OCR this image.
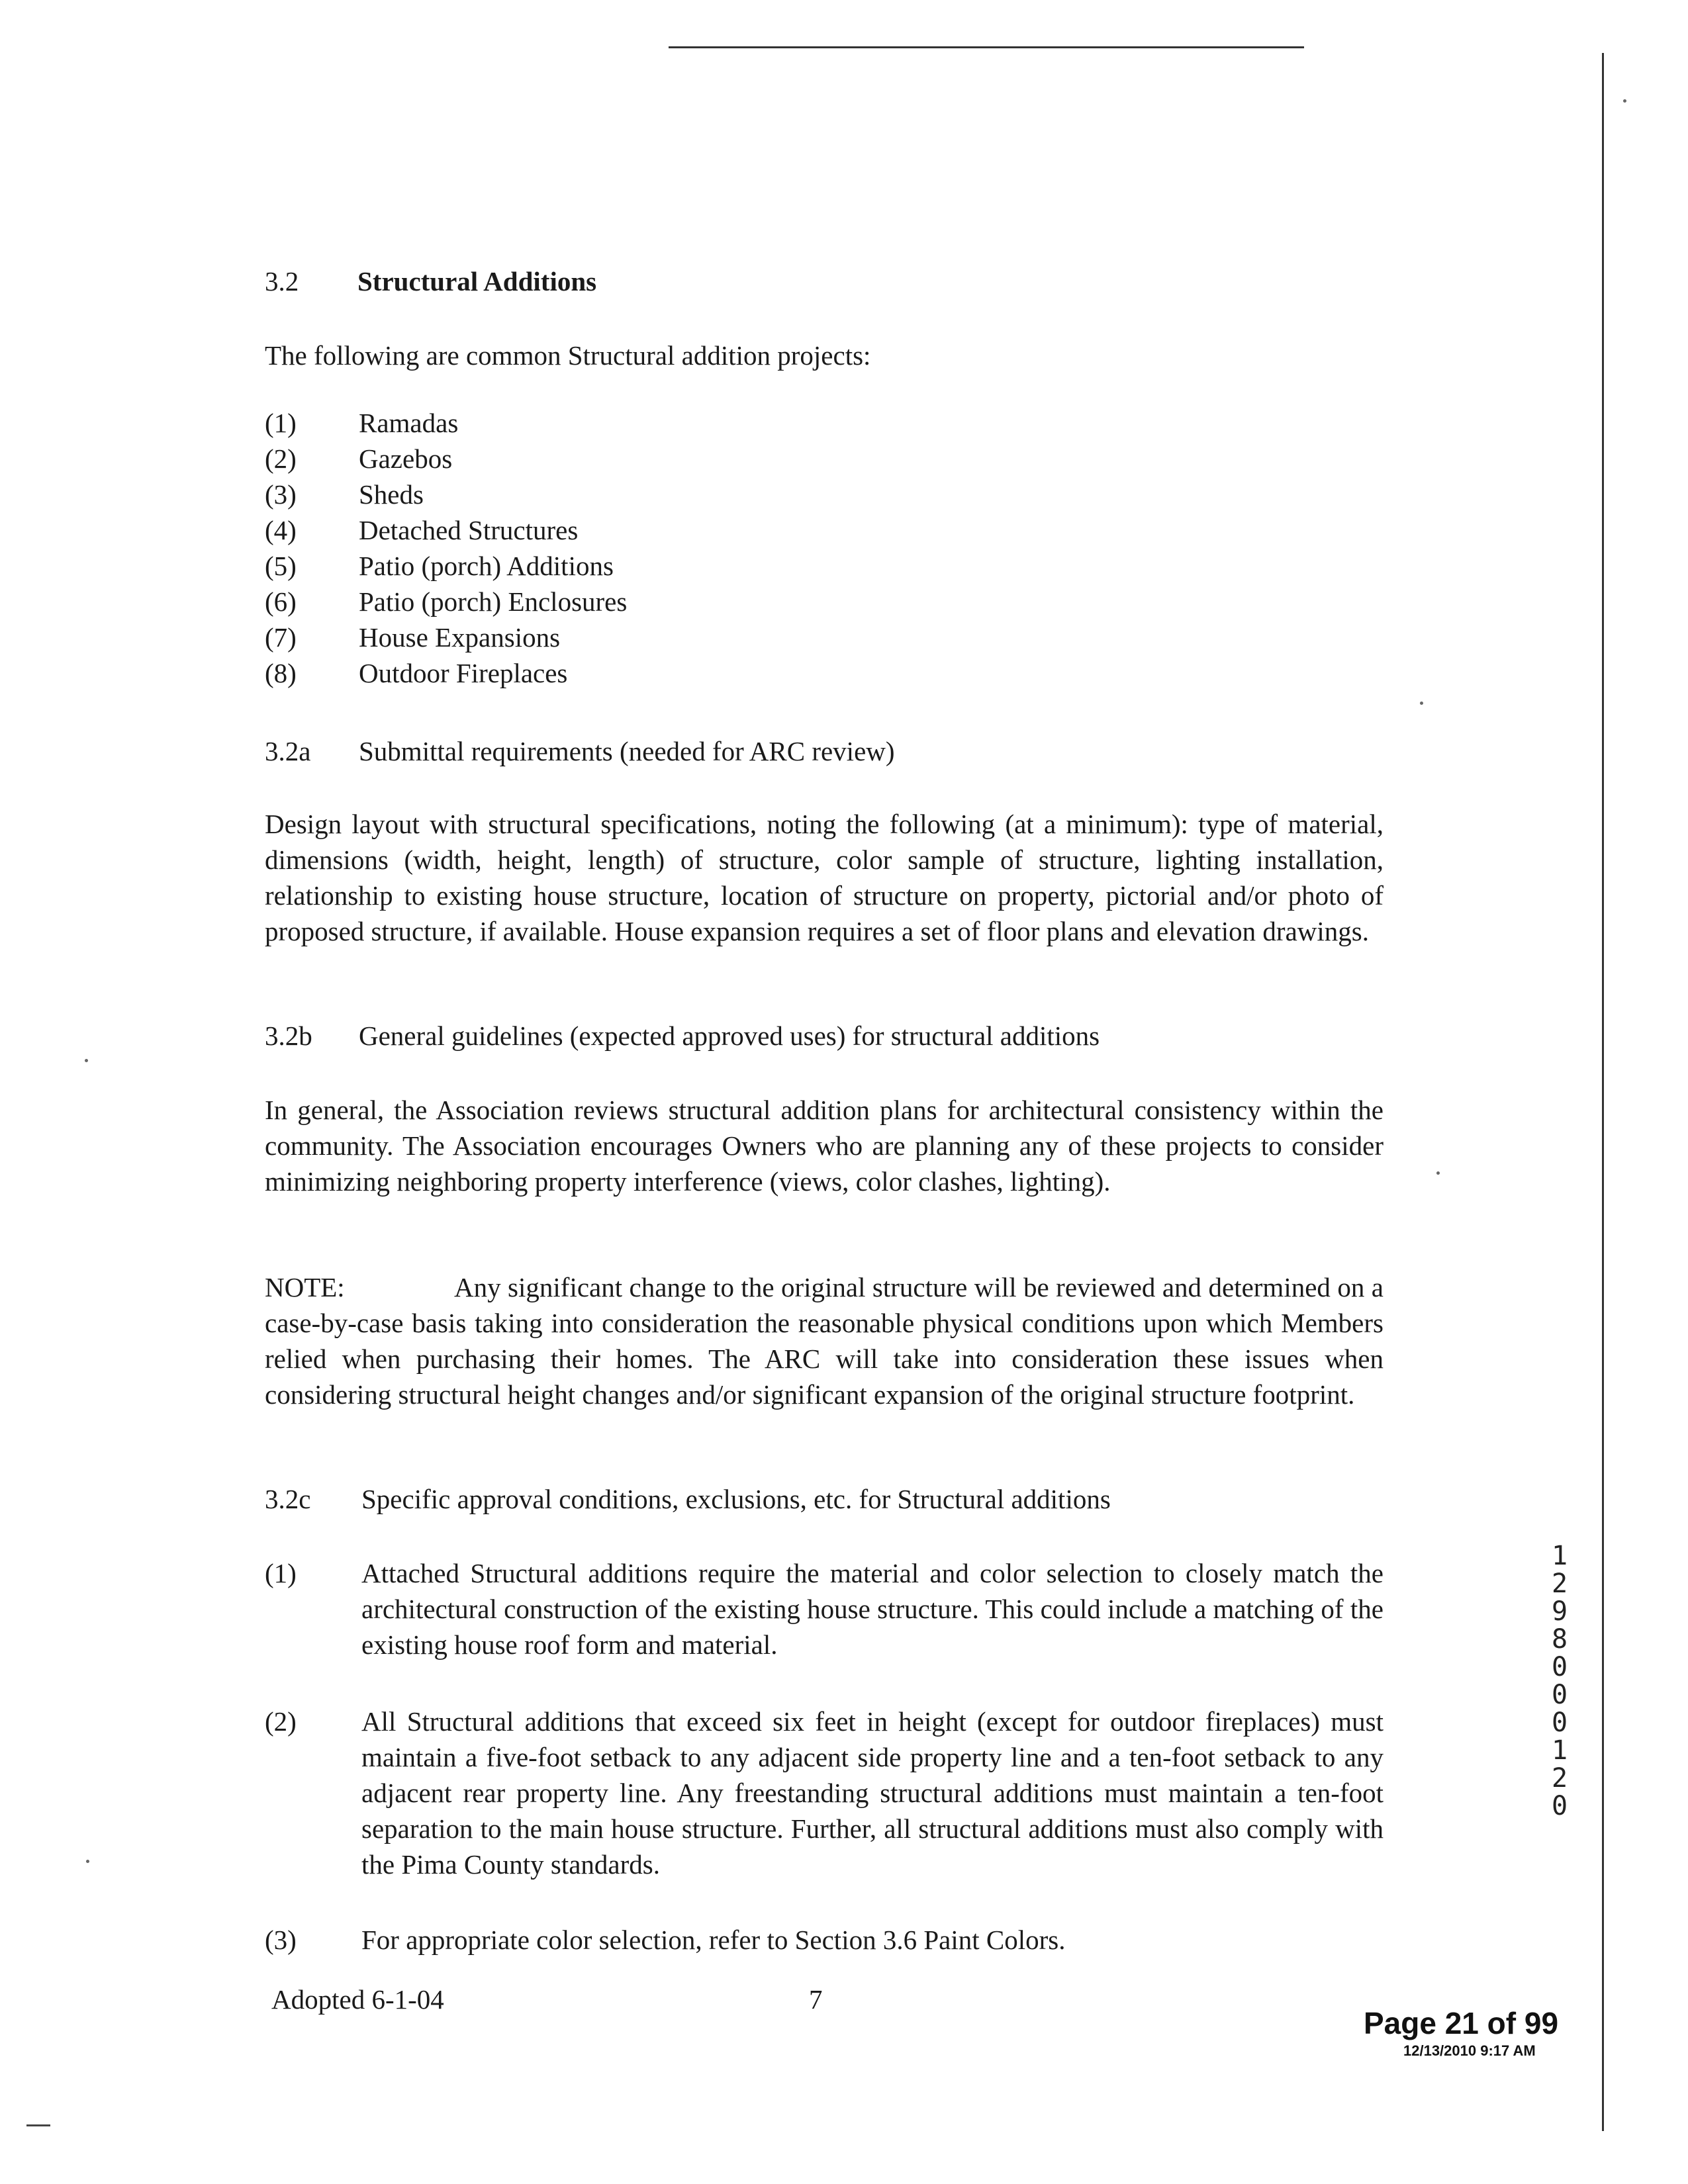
3.2 Structural Additions
The following are common Structural addition projects:
(1) Ramadas
(2) Gazebos
(3) Sheds
(4) Detached Structures
(5) Patio (porch) Additions
(6) Patio (porch) Enclosures
(7) House Expansions
(8) Outdoor Fireplaces
3.2a Submittal requirements (needed for ARC review)
Design layout with structural specifications, noting the following (at a minimum): type of material, dimensions (width, height, length) of structure, color sample of structure, lighting installation, relationship to existing house structure, location of structure on property, pictorial and/or photo of proposed structure, if available. House expansion requires a set of floor plans and elevation drawings.
3.2b General guidelines (expected approved uses) for structural additions
In general, the Association reviews structural addition plans for architectural consistency within the community. The Association encourages Owners who are planning any of these projects to consider minimizing neighboring property interference (views, color clashes, lighting).
NOTE:	Any significant change to the original structure will be reviewed and determined on a case-by-case basis taking into consideration the reasonable physical conditions upon which Members relied when purchasing their homes. The ARC will take into consideration these issues when considering structural height changes and/or significant expansion of the original structure footprint.
3.2c Specific approval conditions, exclusions, etc. for Structural additions
(1) Attached Structural additions require the material and color selection to closely match the architectural construction of the existing house structure. This could include a matching of the existing house roof form and material.
(2) All Structural additions that exceed six feet in height (except for outdoor fireplaces) must maintain a five-foot setback to any adjacent side property line and a ten-foot setback to any adjacent rear property line. Any freestanding structural additions must maintain a ten-foot separation to the main house structure. Further, all structural additions must also comply with the Pima County standards.
(3) For appropriate color selection, refer to Section 3.6 Paint Colors.
Adopted 6-1-04	7
12980 00120
Page 21 of 99
12/13/2010 9:17 AM
